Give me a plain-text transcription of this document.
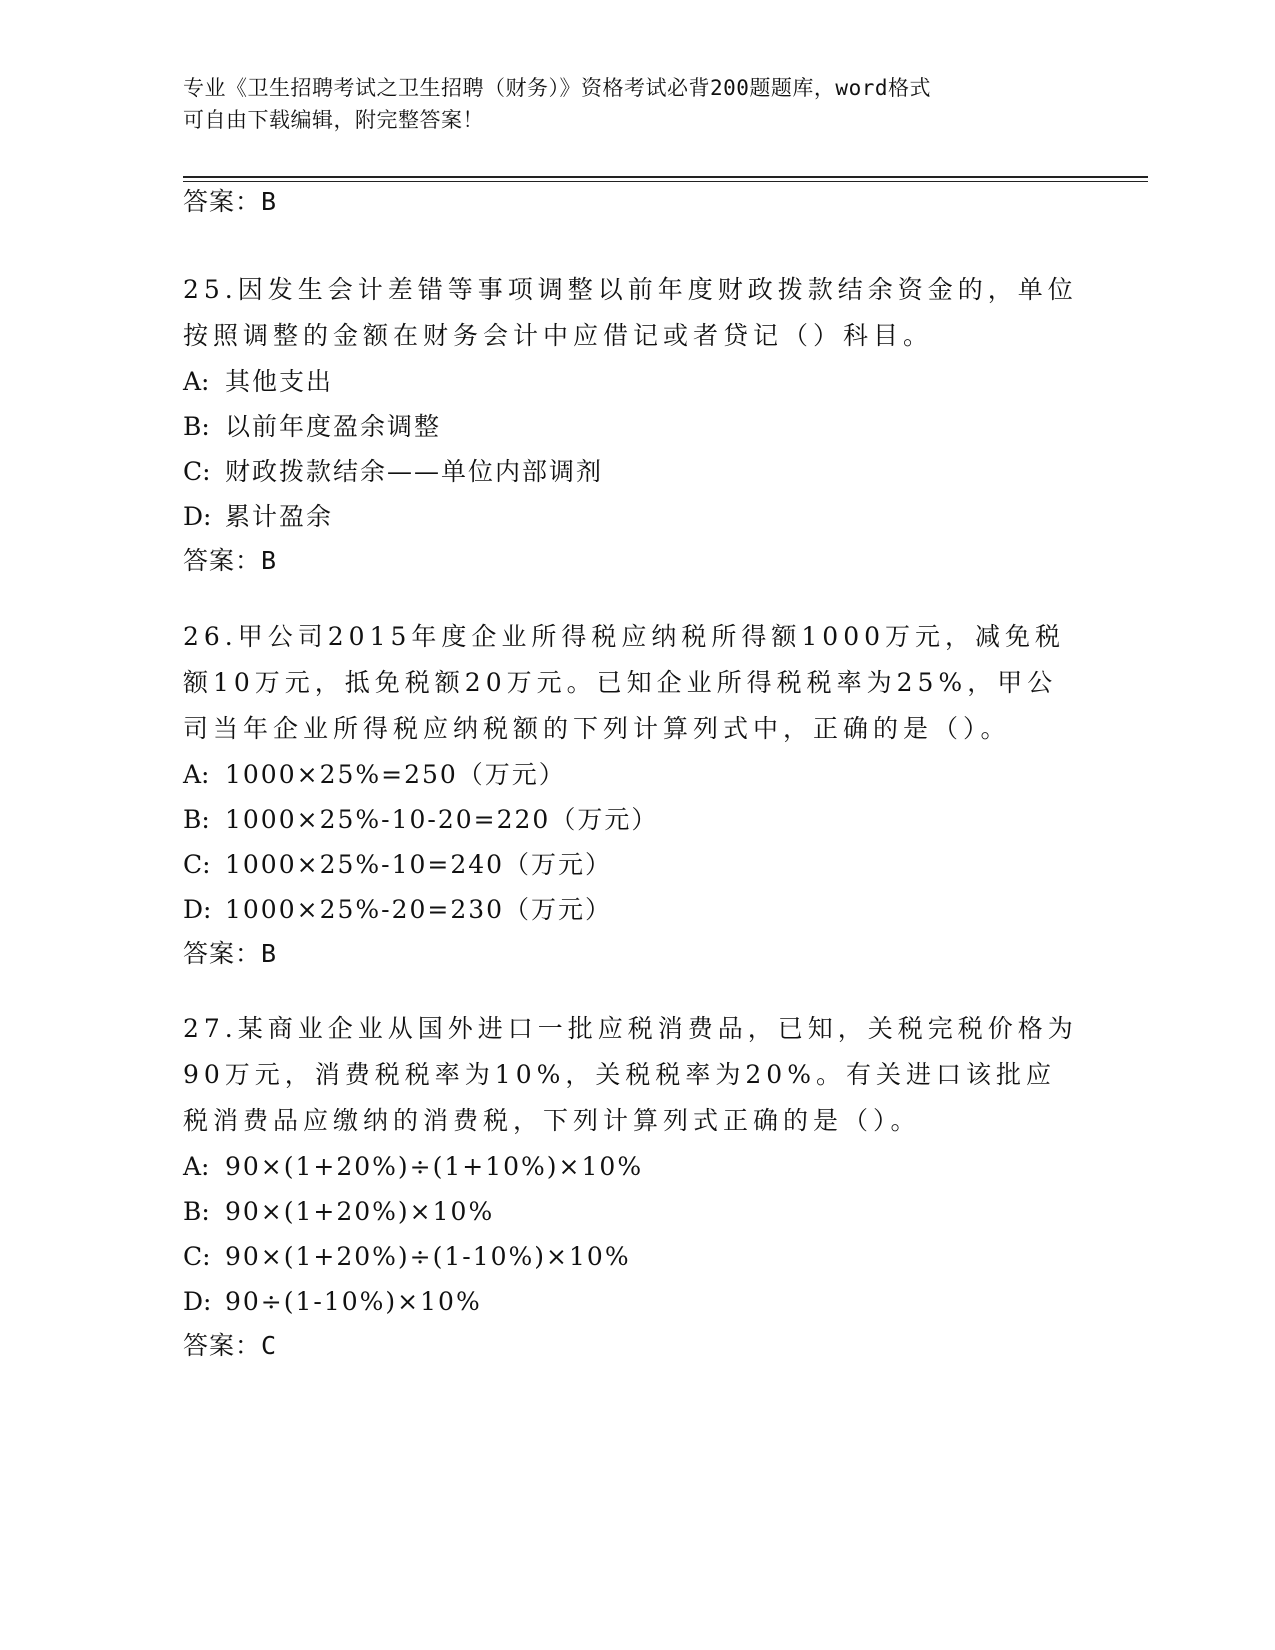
专业《卫生招聘考试之卫生招聘（财务）》资格考试必背200题题库，word格式
可自由下载编辑，附完整答案！
答案：B

25.因发生会计差错等事项调整以前年度财政拨款结余资金的，单位按照调整的金额在财务会计中应借记或者贷记（）科目。

A: 其他支出

B: 以前年度盈余调整

C: 财政拨款结余——单位内部调剂

D: 累计盈余

答案：B

26.甲公司2015年度企业所得税应纳税所得额1000万元，减免税额10万元，抵免税额20万元。已知企业所得税税率为25%，甲公司当年企业所得税应纳税额的下列计算列式中，正确的是（）。

A: 1000×25%=250（万元）

B: 1000×25%-10-20=220（万元）

C: 1000×25%-10=240（万元）

D: 1000×25%-20=230（万元）

答案：B

27.某商业企业从国外进口一批应税消费品，已知，关税完税价格为90万元，消费税税率为10%，关税税率为20%。有关进口该批应税消费品应缴纳的消费税，下列计算列式正确的是（）。

A: 90×(1+20%)÷(1+10%)×10%

B: 90×(1+20%)×10%

C: 90×(1+20%)÷(1-10%)×10%

D: 90÷(1-10%)×10%

答案：C
